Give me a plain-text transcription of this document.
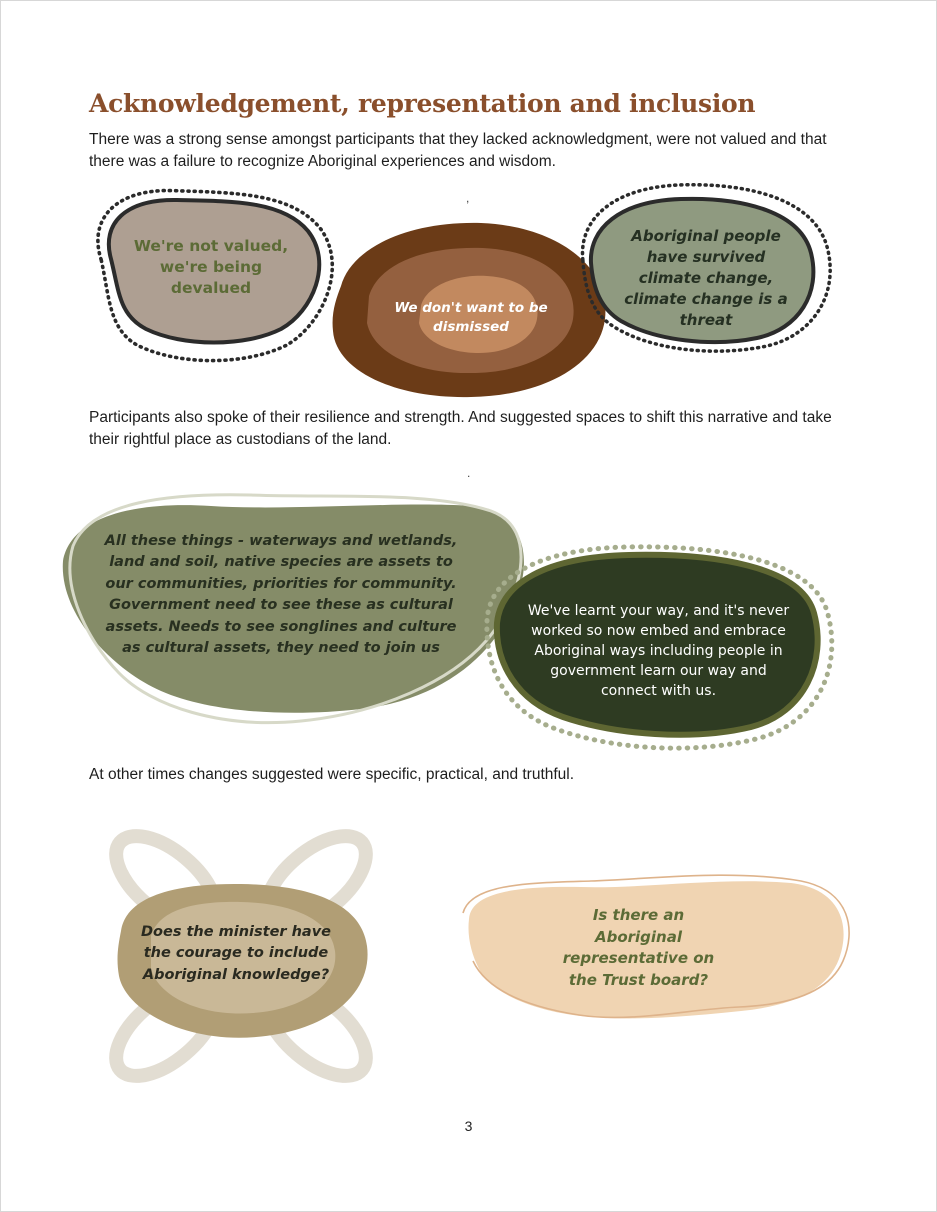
Acknowledgement, representation and inclusion

There was a strong sense amongst participants that they lacked acknowledgment, were not valued and that there was a failure to recognize Aboriginal experiences and wisdom.

,

We're not valued, we're being devalued

We don't want to be dismissed

Aboriginal people have survived climate change, climate change is a threat

Participants also spoke of their resilience and strength. And suggested spaces to shift this narrative and take their rightful place as custodians of the land.

.

All these things - waterways and wetlands, land and soil, native species are assets to our communities, priorities for community. Government need to see these as cultural assets. Needs to see songlines and culture as cultural assets, they need to join us

We've learnt your way, and it's never worked so now embed and embrace Aboriginal ways including people in government learn our way and connect with us.

At other times changes suggested were specific, practical, and truthful.

Does the minister have the courage to include Aboriginal knowledge?

Is there an Aboriginal representative on the Trust board?

3
